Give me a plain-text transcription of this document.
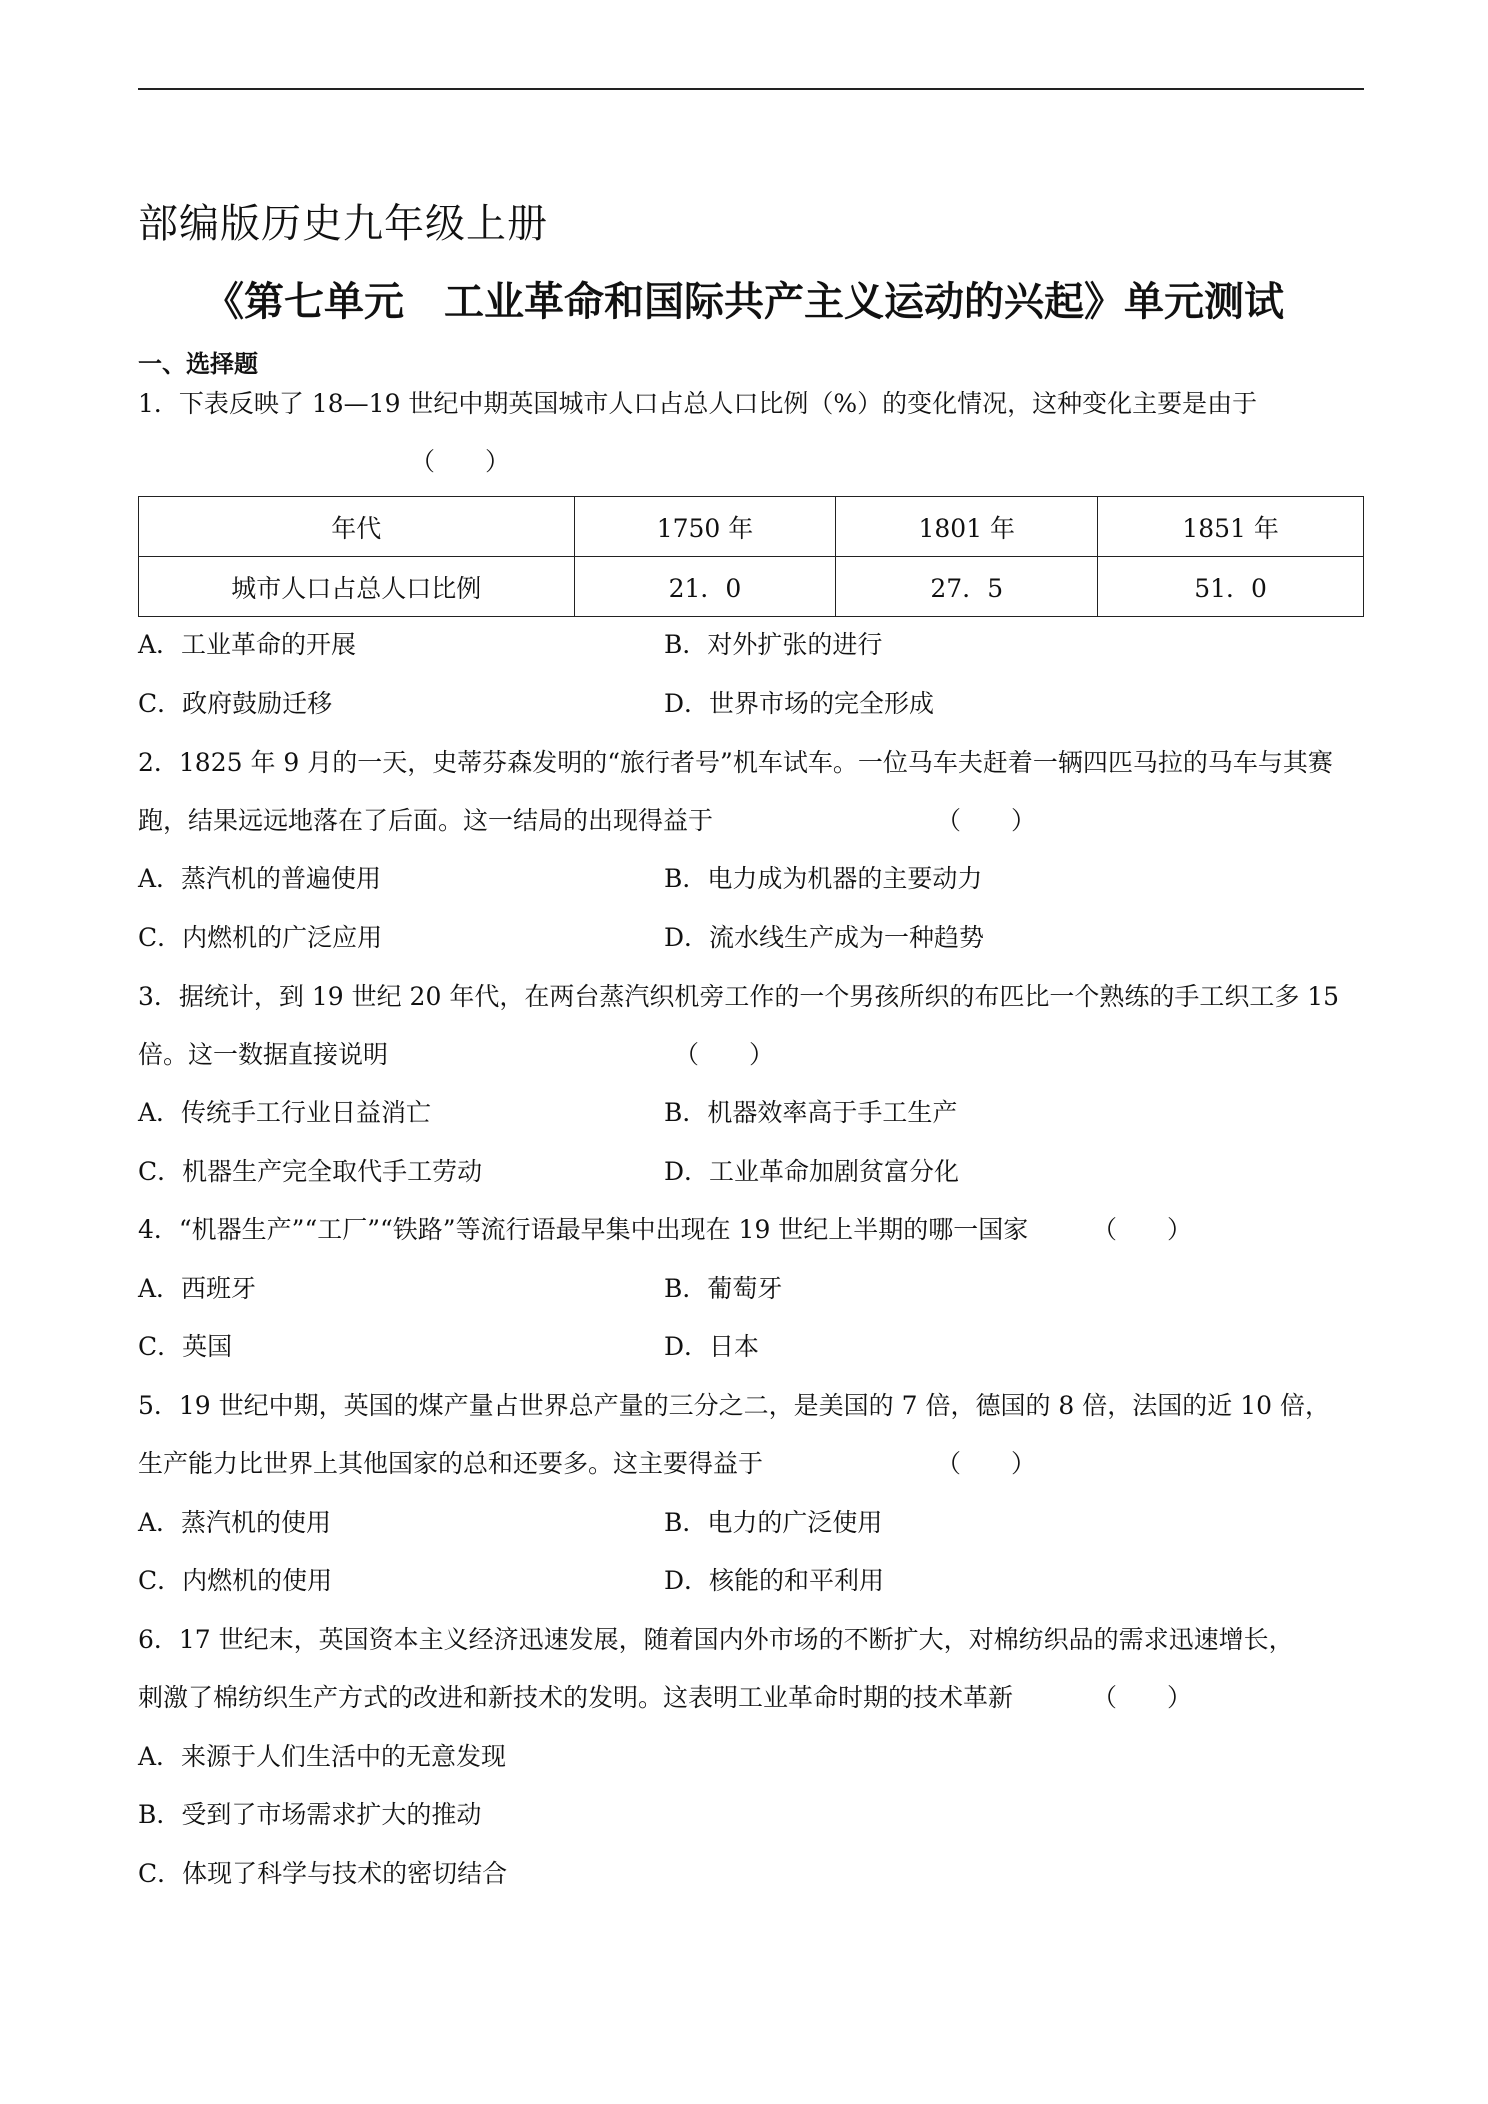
部编版历史九年级上册
《第七单元　工业革命和国际共产主义运动的兴起》单元测试
一、选择题
1．下表反映了 18—19 世纪中期英国城市人口占总人口比例（%）的变化情况，这种变化主要是由于
（　　）
年代	1750 年	1801 年	1851 年
城市人口占总人口比例	21．0	27．5	51．0
A．工业革命的开展	B．对外扩张的进行
C．政府鼓励迁移	D．世界市场的完全形成
2．1825 年 9 月的一天，史蒂芬森发明的“旅行者号”机车试车。一位马车夫赶着一辆四匹马拉的马车与其赛
跑，结果远远地落在了后面。这一结局的出现得益于	（　　）
A．蒸汽机的普遍使用	B．电力成为机器的主要动力
C．内燃机的广泛应用	D．流水线生产成为一种趋势
3．据统计，到 19 世纪 20 年代，在两台蒸汽织机旁工作的一个男孩所织的布匹比一个熟练的手工织工多 15
倍。这一数据直接说明	（　　）
A．传统手工行业日益消亡	B．机器效率高于手工生产
C．机器生产完全取代手工劳动	D．工业革命加剧贫富分化
4．“机器生产”“工厂”“铁路”等流行语最早集中出现在 19 世纪上半期的哪一国家	（　　）
A．西班牙	B．葡萄牙
C．英国	D．日本
5．19 世纪中期，英国的煤产量占世界总产量的三分之二，是美国的 7 倍，德国的 8 倍，法国的近 10 倍，
生产能力比世界上其他国家的总和还要多。这主要得益于	（　　）
A．蒸汽机的使用	B．电力的广泛使用
C．内燃机的使用	D．核能的和平利用
6．17 世纪末，英国资本主义经济迅速发展，随着国内外市场的不断扩大，对棉纺织品的需求迅速增长，
刺激了棉纺织生产方式的改进和新技术的发明。这表明工业革命时期的技术革新	（　　）
A．来源于人们生活中的无意发现
B．受到了市场需求扩大的推动
C．体现了科学与技术的密切结合
